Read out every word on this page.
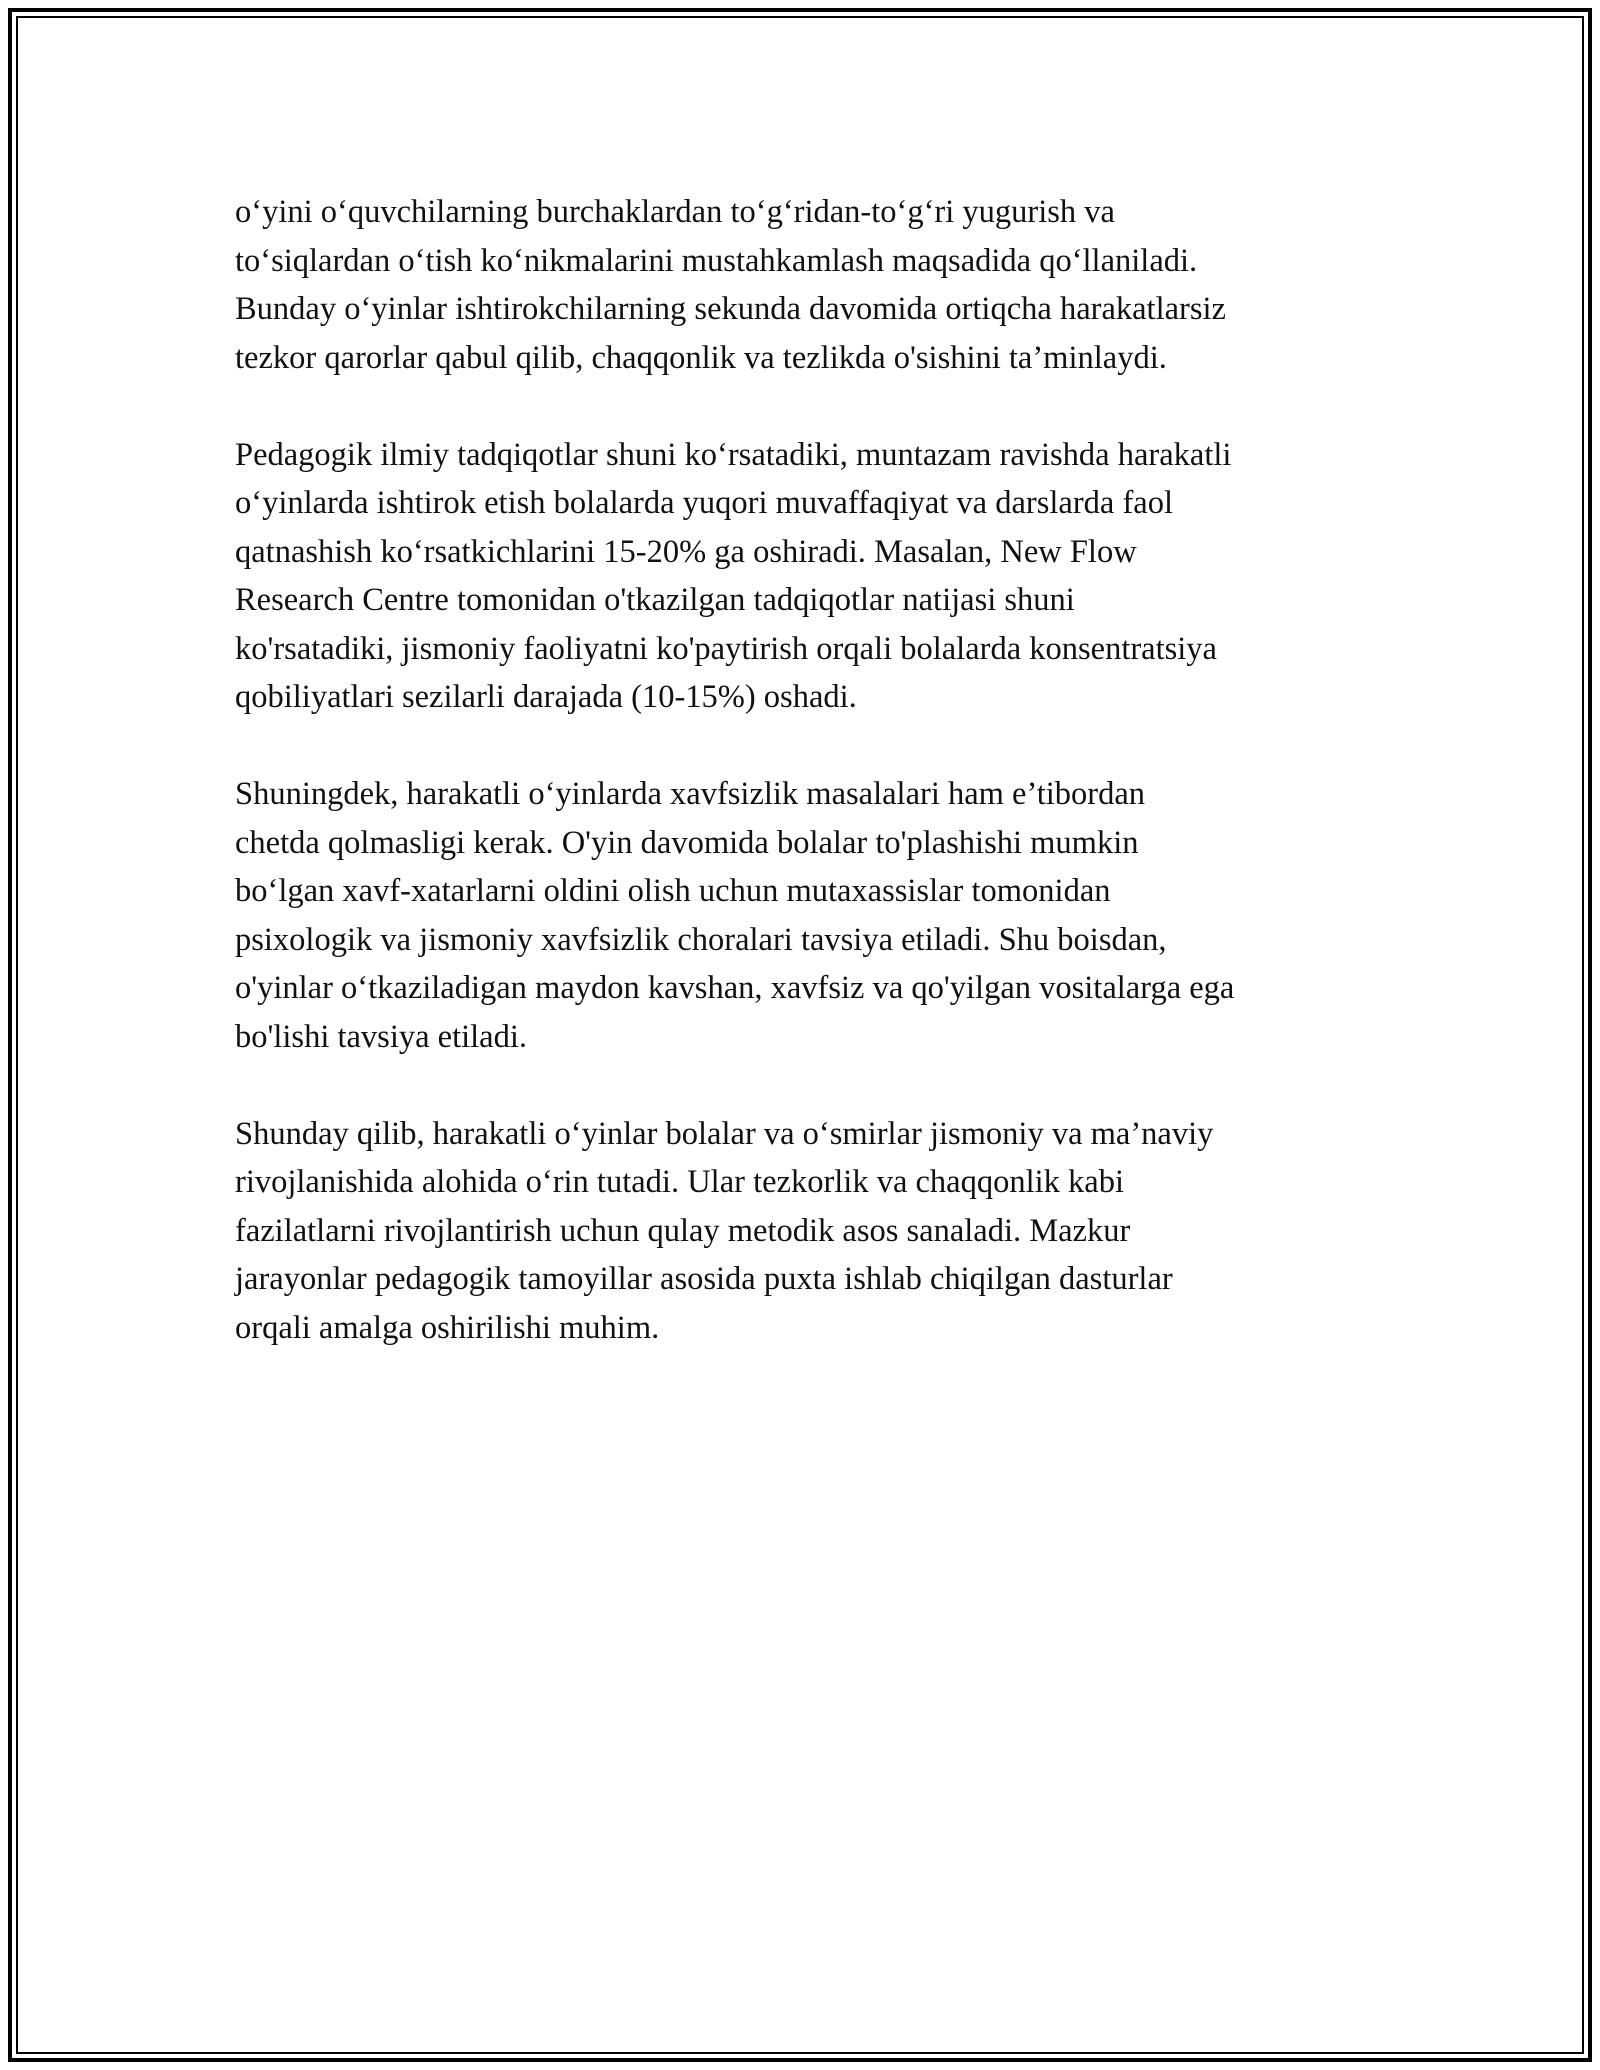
o‘yini o‘quvchilarning burchaklardan to‘g‘ridan-to‘g‘ri yugurish va
to‘siqlardan o‘tish ko‘nikmalarini mustahkamlash maqsadida qo‘llaniladi.
Bunday o‘yinlar ishtirokchilarning sekunda davomida ortiqcha harakatlarsiz
tezkor qarorlar qabul qilib, chaqqonlik va tezlikda o'sishini ta’minlaydi.

Pedagogik ilmiy tadqiqotlar shuni ko‘rsatadiki, muntazam ravishda harakatli
o‘yinlarda ishtirok etish bolalarda yuqori muvaffaqiyat va darslarda faol
qatnashish ko‘rsatkichlarini 15-20% ga oshiradi. Masalan, New Flow
Research Centre tomonidan o'tkazilgan tadqiqotlar natijasi shuni
ko'rsatadiki, jismoniy faoliyatni ko'paytirish orqali bolalarda konsentratsiya
qobiliyatlari sezilarli darajada (10-15%) oshadi.

Shuningdek, harakatli o‘yinlarda xavfsizlik masalalari ham e’tibordan
chetda qolmasligi kerak. O'yin davomida bolalar to'plashishi mumkin
bo‘lgan xavf-xatarlarni oldini olish uchun mutaxassislar tomonidan
psixologik va jismoniy xavfsizlik choralari tavsiya etiladi. Shu boisdan,
o'yinlar o‘tkaziladigan maydon kavshan, xavfsiz va qo'yilgan vositalarga ega
bo'lishi tavsiya etiladi.

Shunday qilib, harakatli o‘yinlar bolalar va o‘smirlar jismoniy va ma’naviy
rivojlanishida alohida o‘rin tutadi. Ular tezkorlik va chaqqonlik kabi
fazilatlarni rivojlantirish uchun qulay metodik asos sanaladi. Mazkur
jarayonlar pedagogik tamoyillar asosida puxta ishlab chiqilgan dasturlar
orqali amalga oshirilishi muhim.
